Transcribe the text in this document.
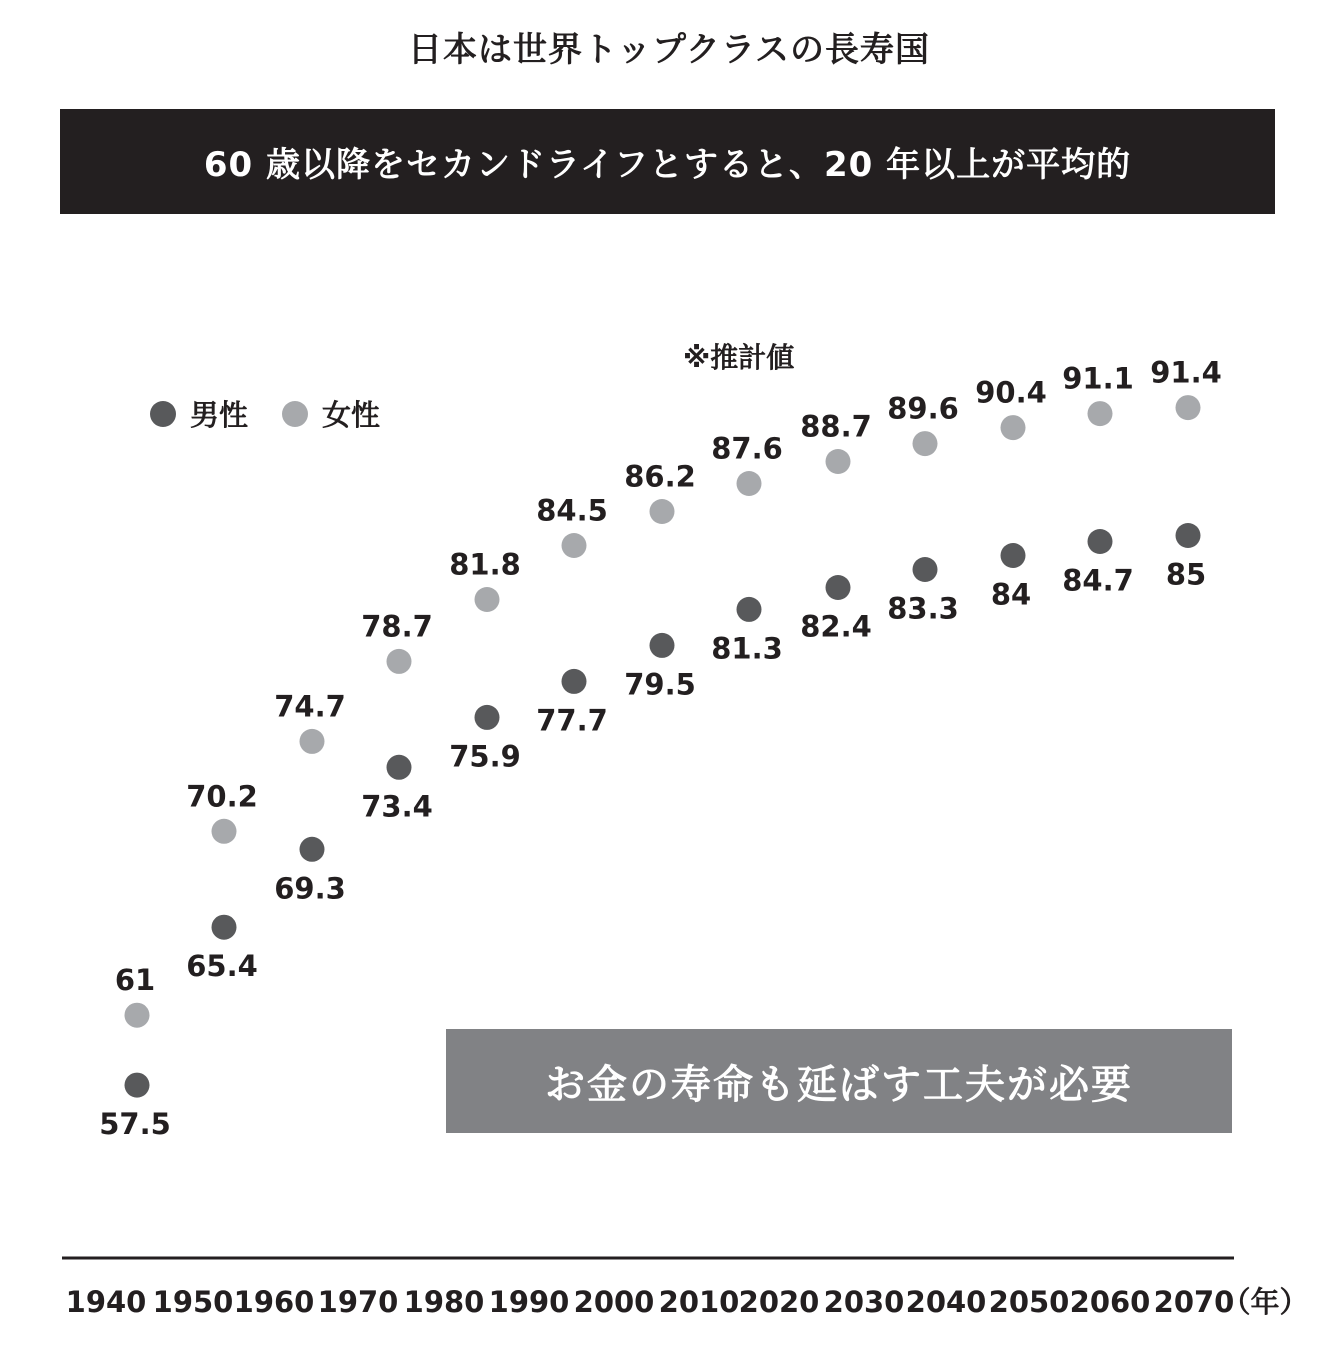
日本は世界トップクラスの長寿国
60 歳以降をセカンドライフとすると、20 年以上が平均的
※推計値
男性	女性
1940 1950 1960 1970 1980 1990 2000 2010 2020 2030 2040 2050 2060 2070
（年）
57.5
65.4
69.3
73.4
75.9
77.7
79.5
81.3
82.4
83.3 84 84.7 85
61
70.2
74.7
78.7
81.8
84.5
86.2
87.6
88.7
89.6 90.4 91.1 91.4
お金の寿命も延ばす工夫が必要
